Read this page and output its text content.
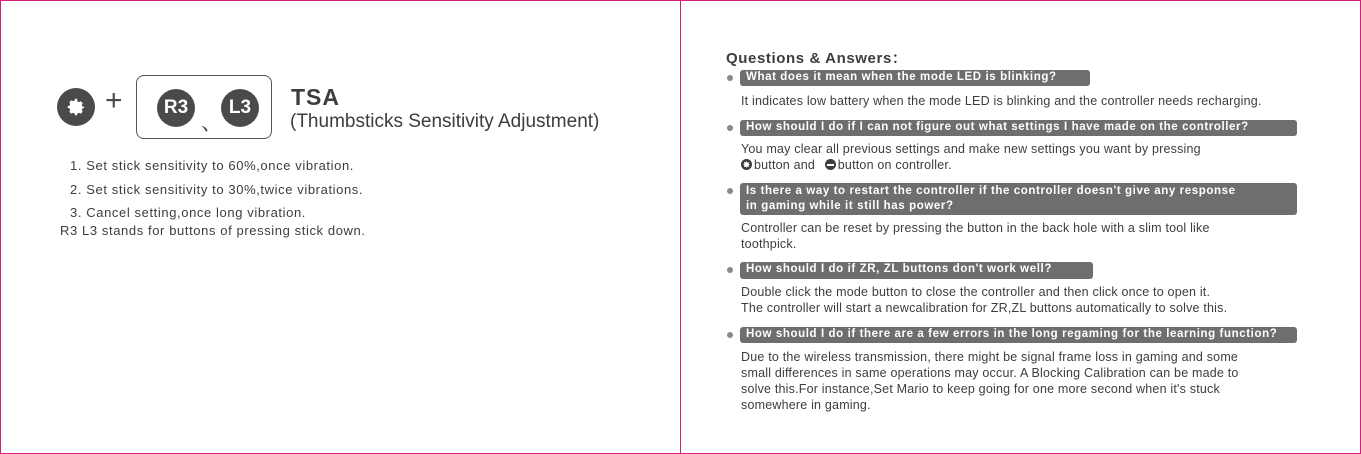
+	R3
、
L3	TSA
(Thumbsticks Sensitivity Adjustment)
1. Set stick sensitivity to 60%,once vibration.
2. Set stick sensitivity to 30%,twice vibrations.
3. Cancel setting,once long vibration.
R3 L3 stands for buttons of pressing stick down.
Questions & Answers：
What does it mean when the mode LED is blinking?
It indicates low battery when the mode LED is blinking and the controller needs recharging.
How should I do if I can not figure out what settings I have made on the controller?
You may clear all previous settings and make new settings you want by pressing
button and
button on controller.
Is there a way to restart the controller if the controller doesn't give any response
in gaming while it still has power?
Controller can be reset by pressing the button in the back hole with a slim tool like
toothpick.
How should I do if ZR, ZL buttons don't work well?
Double click the mode button to close the controller and then click once to open it.
The controller will start a newcalibration for ZR,ZL buttons automatically to solve this.
How should I do if there are a few errors in the long regaming for the learning function?
Due to the wireless transmission, there might be signal frame loss in gaming and some
small differences in same operations may occur. A Blocking Calibration can be made to
solve this.For instance,Set Mario to keep going for one more second when it's stuck
somewhere in gaming.
